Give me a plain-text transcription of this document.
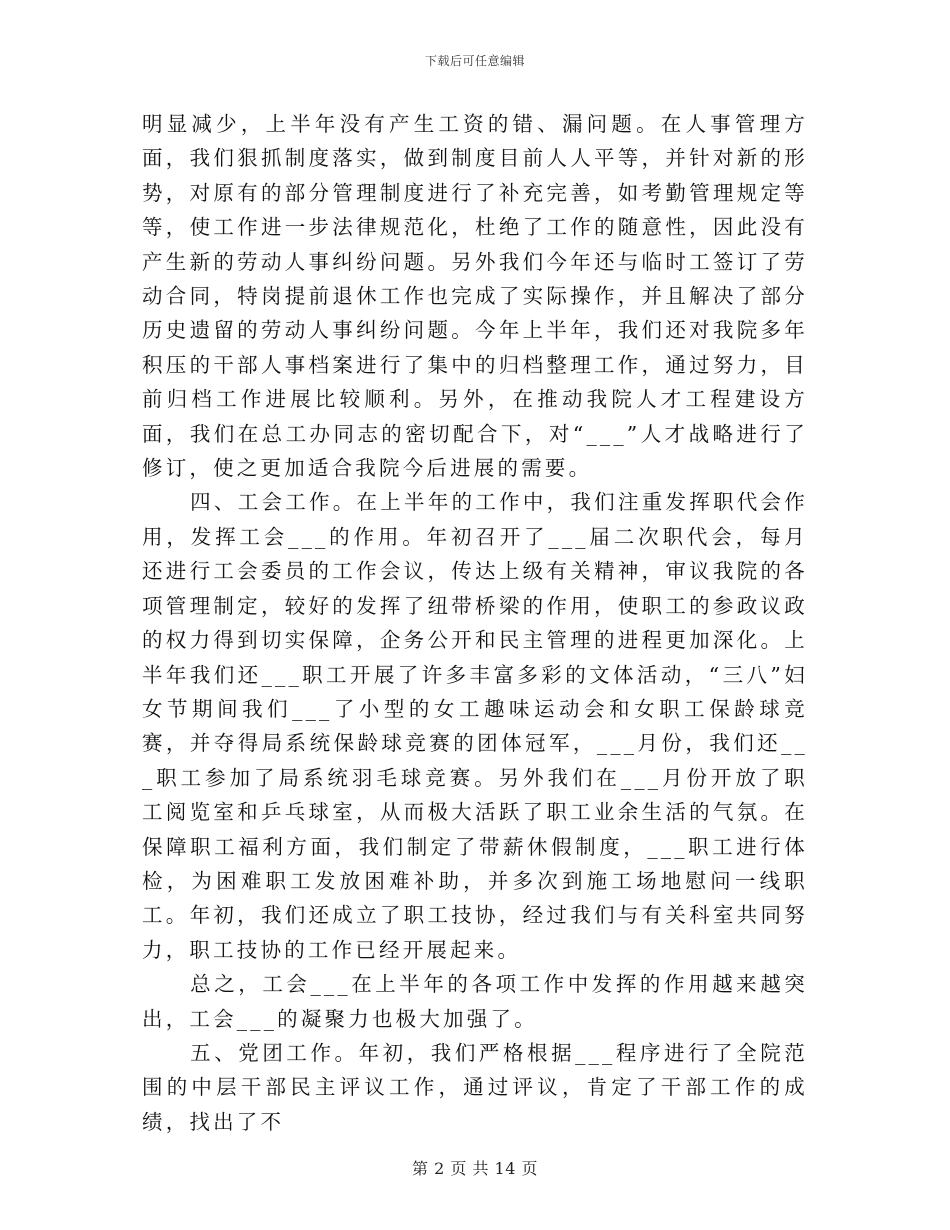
下载后可任意编辑

明显减少，上半年没有产生工资的错、漏问题。在人事管理方面，我们狠抓制度落实，做到制度目前人人平等，并针对新的形势，对原有的部分管理制度进行了补充完善，如考勤管理规定等等，使工作进一步法律规范化，杜绝了工作的随意性，因此没有产生新的劳动人事纠纷问题。另外我们今年还与临时工签订了劳动合同，特岗提前退休工作也完成了实际操作，并且解决了部分历史遗留的劳动人事纠纷问题。今年上半年，我们还对我院多年积压的干部人事档案进行了集中的归档整理工作，通过努力，目前归档工作进展比较顺利。另外，在推动我院人才工程建设方面，我们在总工办同志的密切配合下，对“___”人才战略进行了修订，使之更加适合我院今后进展的需要。

四、工会工作。在上半年的工作中，我们注重发挥职代会作用，发挥工会___的作用。年初召开了___届二次职代会，每月还进行工会委员的工作会议，传达上级有关精神，审议我院的各项管理制定，较好的发挥了纽带桥梁的作用，使职工的参政议政的权力得到切实保障，企务公开和民主管理的进程更加深化。上半年我们还___职工开展了许多丰富多彩的文体活动，“三八”妇女节期间我们___了小型的女工趣味运动会和女职工保龄球竞赛，并夺得局系统保龄球竞赛的团体冠军，___月份，我们还___职工参加了局系统羽毛球竞赛。另外我们在___月份开放了职工阅览室和乒乓球室，从而极大活跃了职工业余生活的气氛。在保障职工福利方面，我们制定了带薪休假制度，___职工进行体检，为困难职工发放困难补助，并多次到施工场地慰问一线职工。年初，我们还成立了职工技协，经过我们与有关科室共同努力，职工技协的工作已经开展起来。

总之，工会___在上半年的各项工作中发挥的作用越来越突出，工会___的凝聚力也极大加强了。

五、党团工作。年初，我们严格根据___程序进行了全院范围的中层干部民主评议工作，通过评议，肯定了干部工作的成绩，找出了不

第 2 页 共 14 页
